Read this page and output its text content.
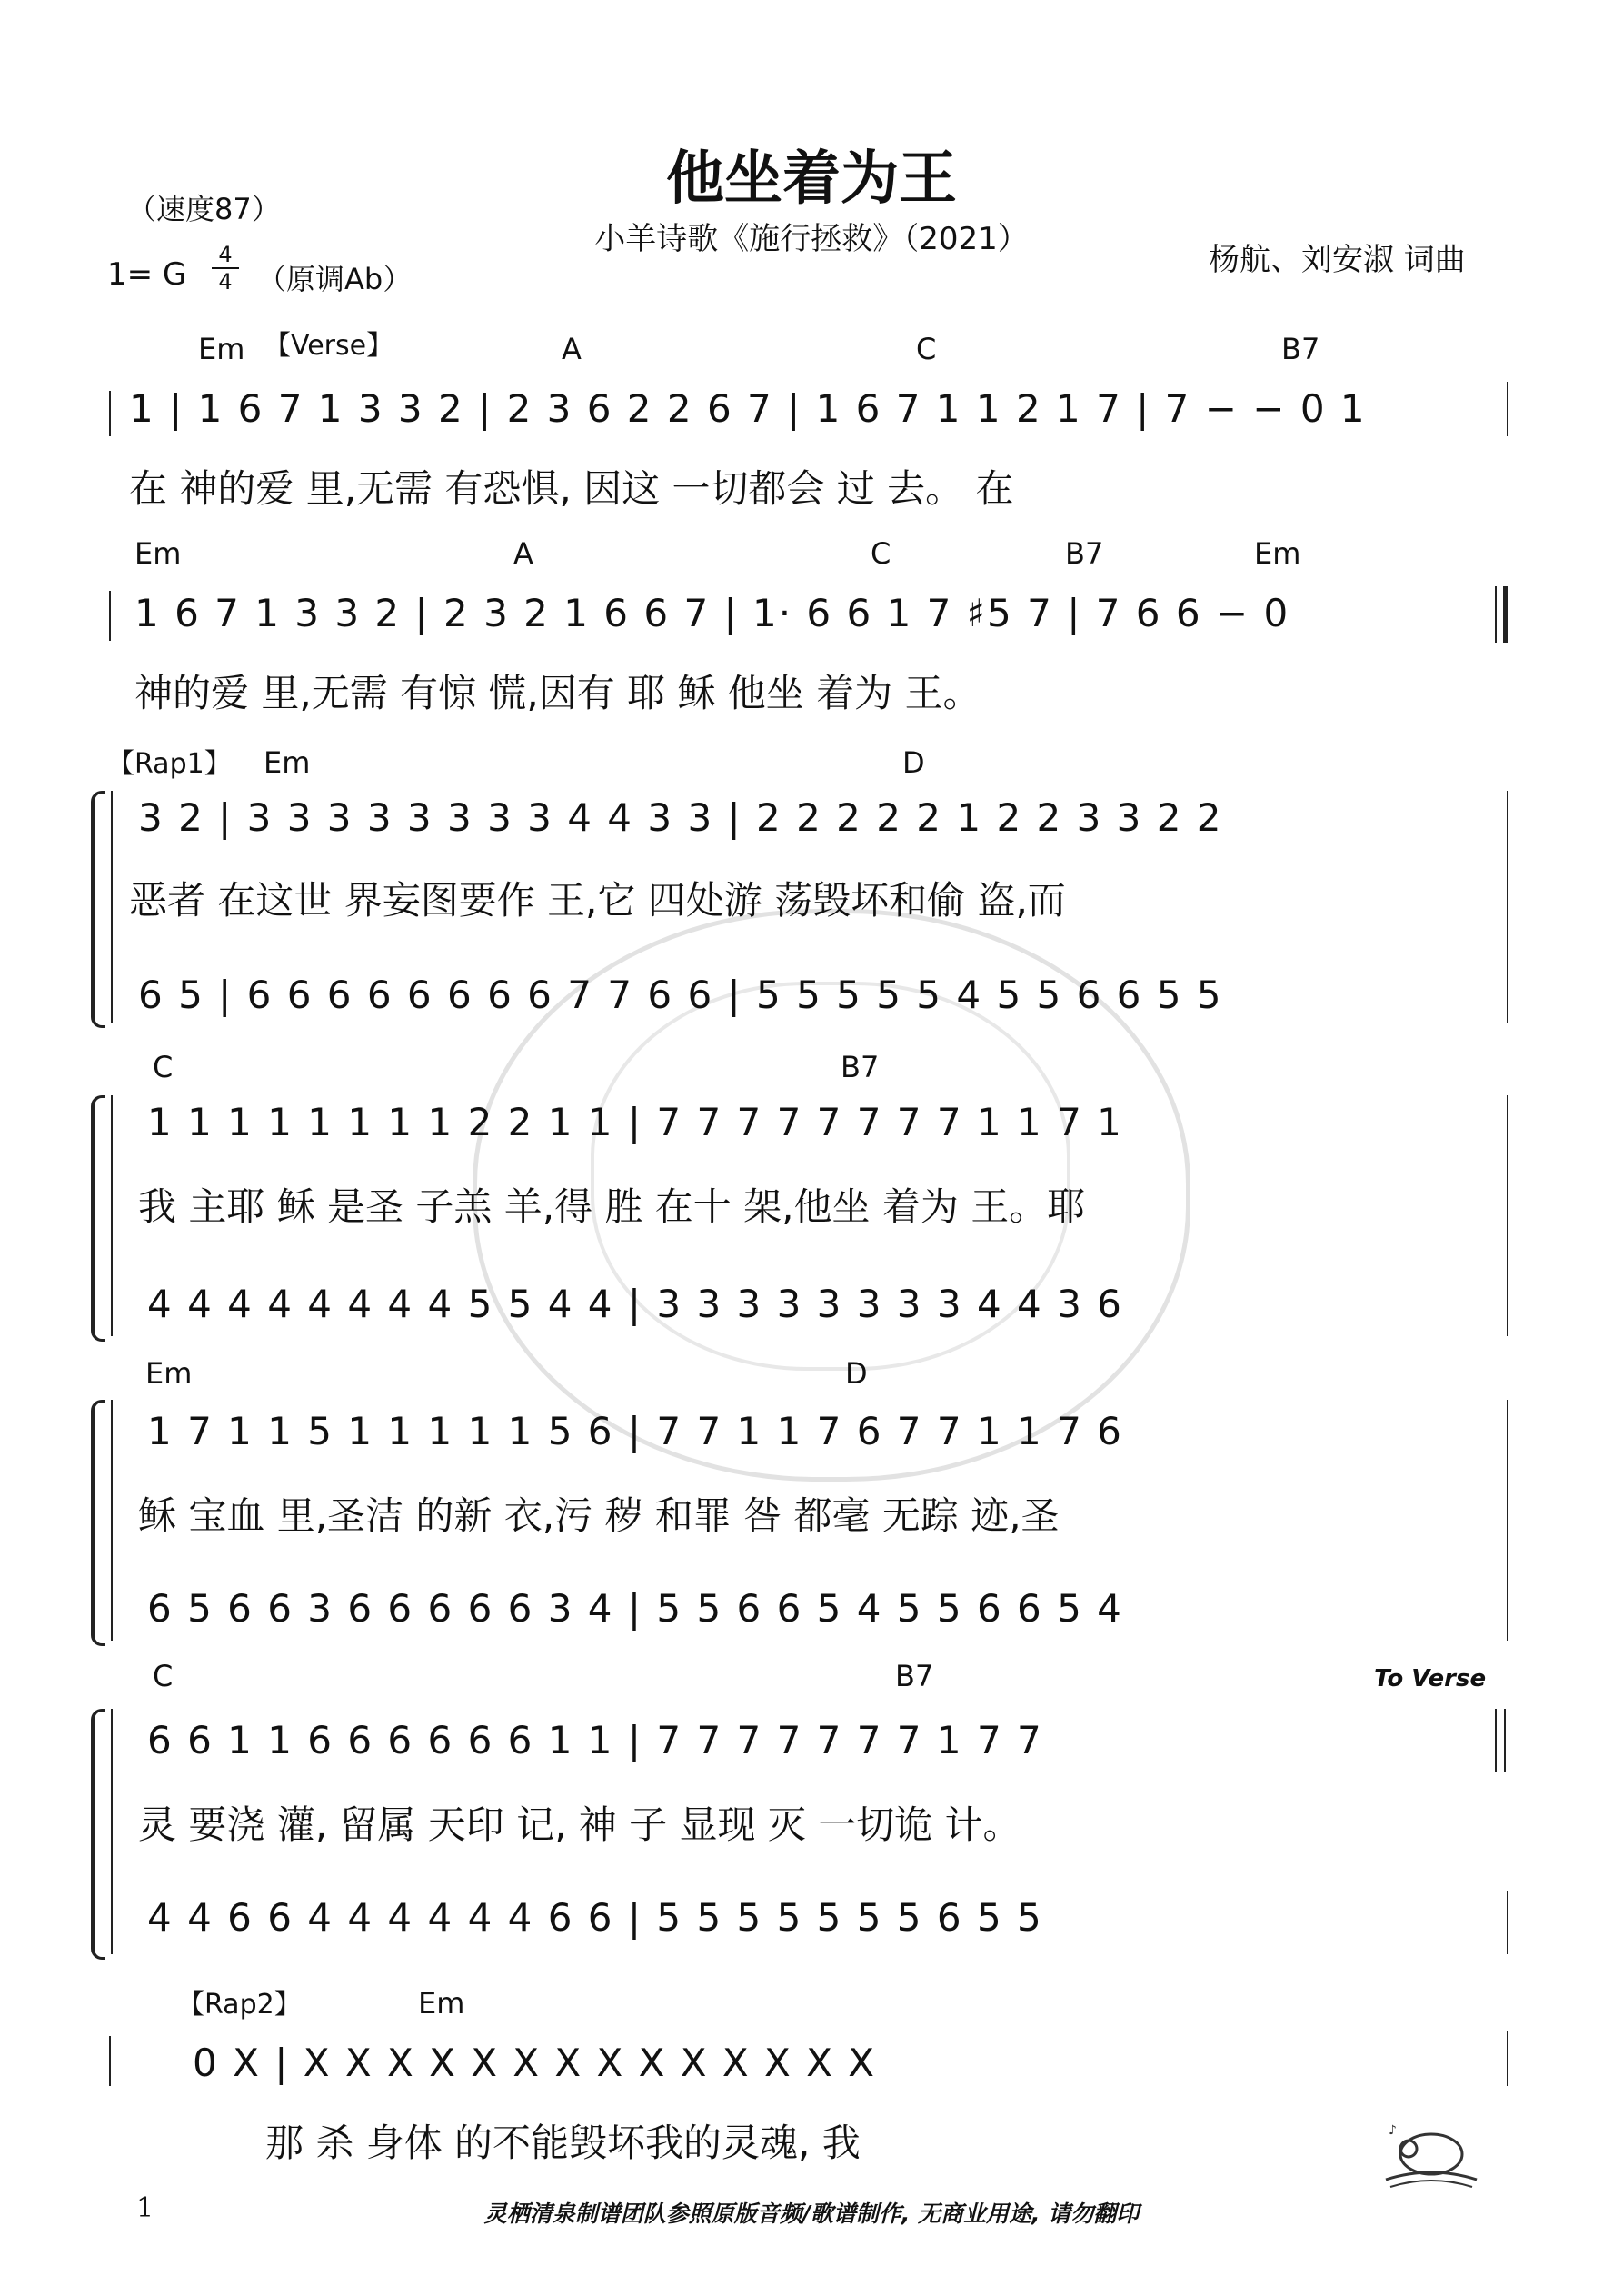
他坐着为王
小羊诗歌《施行拯救》（2021）
（速度87）
1= G
4
4 （原调Ab）
杨航、刘安淑 词曲
【Verse】
Em	A	C	B7
1 | 1 6 7 1 3 3 2 | 2 3 6 2 2 6 7 | 1 6 7 1 1 2 1 7 | 7 − − 0 1
在 神的爱 里,无需 有恐惧, 因这 一切都会 过 去。 在
Em	A	C	B7	Em
1 6 7 1 3 3 2 | 2 3 2 1 6 6 7 | 1· 6 6 1 7 ♯5 7 | 7 6 6 − 0
神的爱 里,无需 有惊 慌,因有 耶 稣 他坐 着为 王。
【Rap1】 Em	D
3 2 | 3 3 3 3 3 3 3 3 4 4 3 3 | 2 2 2 2 2 1 2 2 3 3 2 2
恶者 在这世 界妄图要作 王,它 四处游 荡毁坏和偷 盗,而
6 5 | 6 6 6 6 6 6 6 6 7 7 6 6 | 5 5 5 5 5 4 5 5 6 6 5 5
C	B7
1 1 1 1 1 1 1 1 2 2 1 1 | 7 7 7 7 7 7 7 7 1 1 7 1
我 主耶 稣 是圣 子羔 羊,得 胜 在十 架,他坐 着为 王。耶
4 4 4 4 4 4 4 4 5 5 4 4 | 3 3 3 3 3 3 3 3 4 4 3 6
Em	D
1 7 1 1 5 1 1 1 1 1 5 6 | 7 7 1 1 7 6 7 7 1 1 7 6
稣 宝血 里,圣洁 的新 衣,污 秽 和罪 咎 都毫 无踪 迹,圣
6 5 6 6 3 6 6 6 6 6 3 4 | 5 5 6 6 5 4 5 5 6 6 5 4
C	B7	To Verse
6 6 1 1 6 6 6 6 6 6 1 1 | 7 7 7 7 7 7 7 1 7 7
灵 要浇 灌, 留属 天印 记, 神 子 显现 灭 一切诡 计。
4 4 6 6 4 4 4 4 4 4 6 6 | 5 5 5 5 5 5 5 6 5 5
【Rap2】	Em
0 X | X X X X X X X X X X X X X X
那 杀 身体 的不能毁坏我的灵魂, 我
1	灵栖清泉制谱团队参照原版音频/歌谱制作, 无商业用途, 请勿翻印
♪
